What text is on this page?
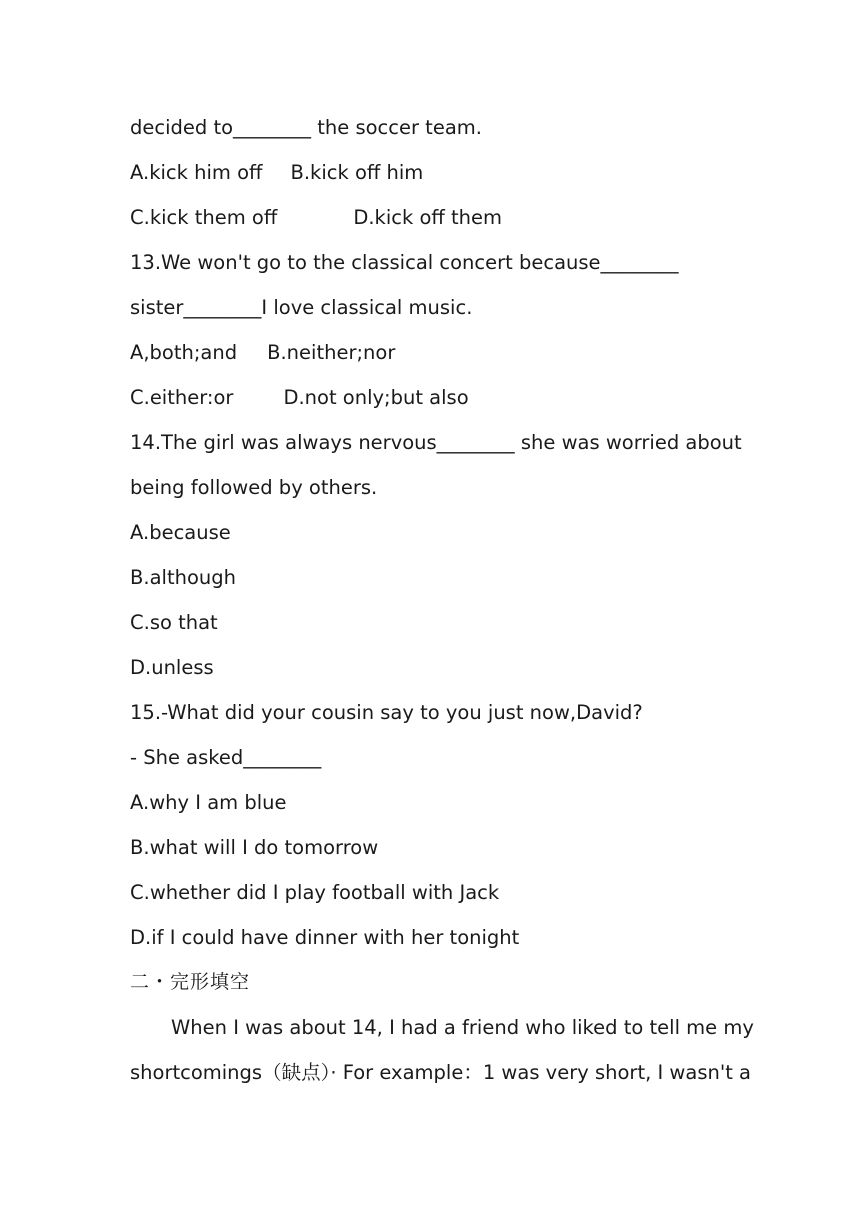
decided to________ the soccer team.
A.kick him off B.kick off him
C.kick them off	D.kick off them
13.We won't go to the classical concert because________
sister________I love classical music.
A,both;and B.neither;nor
C.either:or	D.not only;but also
14.The girl was always nervous________ she was worried about
being followed by others.
A.because
B.although
C.so that
D.unless
15.-What did your cousin say to you just now,David?
- She asked________
A.why I am blue
B.what will I do tomorrow
C.whether did I play football with Jack
D.if I could have dinner with her tonight
二・完形填空
When I was about 14, I had a friend who liked to tell me my
shortcomings（缺点）· For example：1 was very short, I wasn't a
